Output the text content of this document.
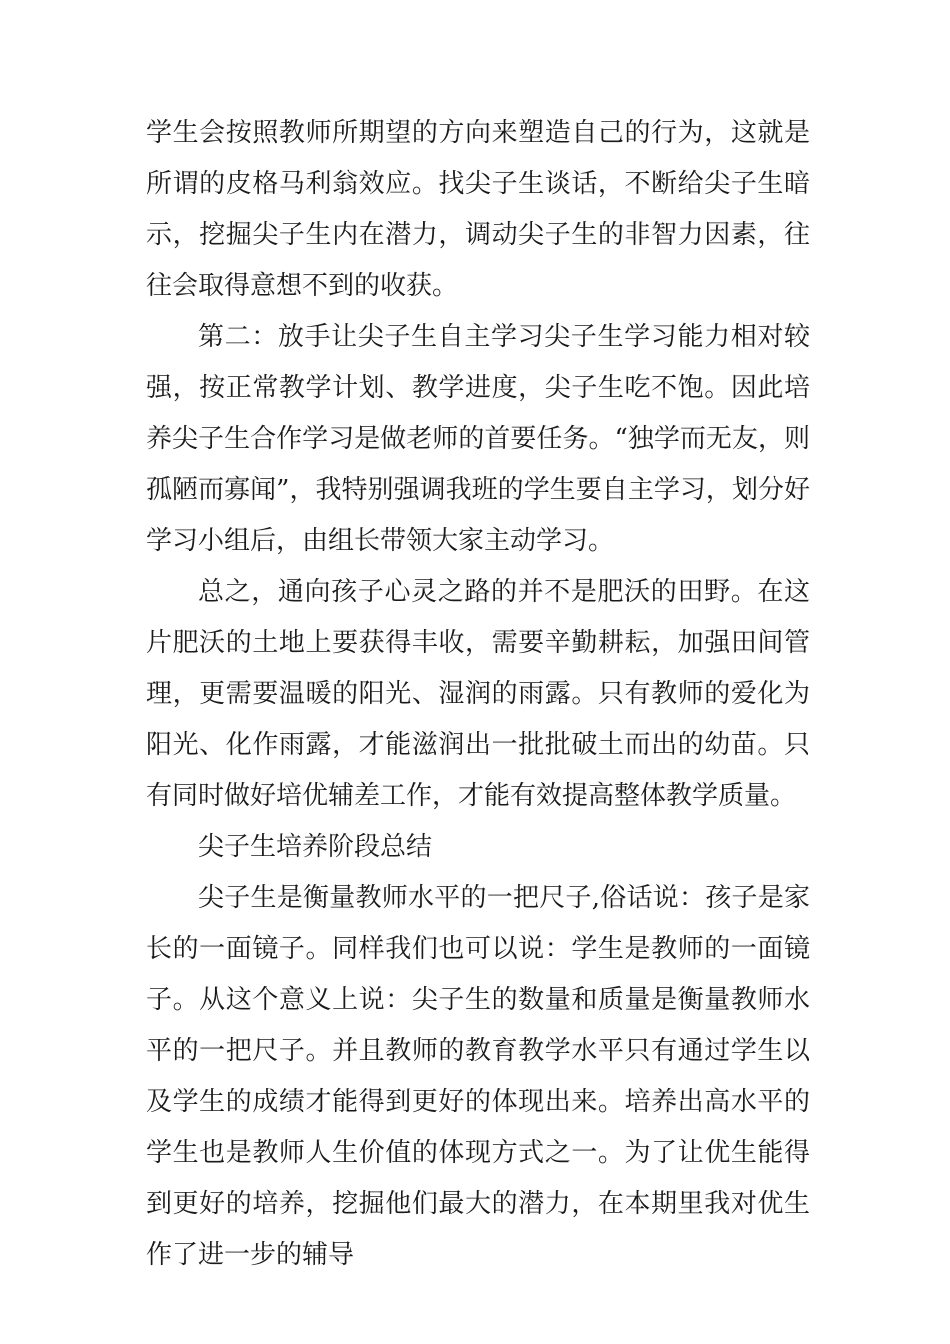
学生会按照教师所期望的方向来塑造自己的行为，这就是所谓的皮格马利翁效应。找尖子生谈话，不断给尖子生暗示，挖掘尖子生内在潜力，调动尖子生的非智力因素，往往会取得意想不到的收获。

第二：放手让尖子生自主学习尖子生学习能力相对较强，按正常教学计划、教学进度，尖子生吃不饱。因此培养尖子生合作学习是做老师的首要任务。“独学而无友，则孤陋而寡闻”，我特别强调我班的学生要自主学习，划分好学习小组后，由组长带领大家主动学习。

总之，通向孩子心灵之路的并不是肥沃的田野。在这片肥沃的土地上要获得丰收，需要辛勤耕耘，加强田间管理，更需要温暖的阳光、湿润的雨露。只有教师的爱化为阳光、化作雨露，才能滋润出一批批破土而出的幼苗。只有同时做好培优辅差工作，才能有效提高整体教学质量。

尖子生培养阶段总结

尖子生是衡量教师水平的一把尺子,俗话说：孩子是家长的一面镜子。同样我们也可以说：学生是教师的一面镜子。从这个意义上说：尖子生的数量和质量是衡量教师水平的一把尺子。并且教师的教育教学水平只有通过学生以及学生的成绩才能得到更好的体现出来。培养出高水平的学生也是教师人生价值的体现方式之一。为了让优生能得到更好的培养，挖掘他们最大的潜力，在本期里我对优生作了进一步的辅导
